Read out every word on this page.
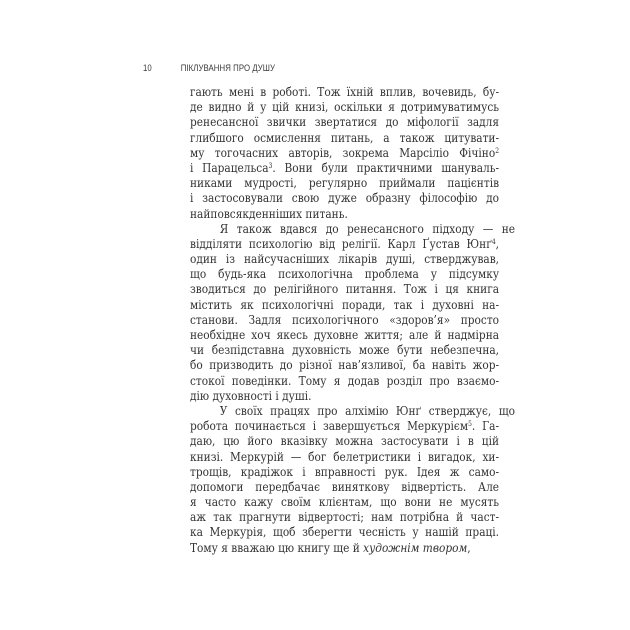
10	ПІКЛУВАННЯ ПРО ДУШУ
гають мені в роботі. Тож їхній вплив, вочевидь, бу-
де видно й у цій книзі, оскільки я дотримуватимусь
ренесансної звички звертатися до міфології задля
глибшого осмислення питань, а також цитувати-
му тогочасних авторів, зокрема Марсіліо Фічіно$^2$
і Парацельса$^3$. Вони були практичними шануваль-
никами мудрості, регулярно приймали пацієнтів
і застосовували свою дуже образну філософію до
найповсякденніших питань.
Я також вдався до ренесансного підходу — не
відділяти психологію від релігії. Карл Ґустав Юнґ$^4$,
один із найсучасніших лікарів душі, стверджував,
що будь-яка психологічна проблема у підсумку
зводиться до релігійного питання. Тож і ця книга
містить як психологічні поради, так і духовні на-
станови. Задля психологічного «здоров’я» просто
необхідне хоч якесь духовне життя; але й надмірна
чи безпідставна духовність може бути небезпечна,
бо призводить до різної нав’язливої, ба навіть жор-
стокої поведінки. Тому я додав розділ про взаємо-
дію духовності і душі.
У своїх працях про алхімію Юнґ стверджує, що
робота починається і завершується Меркурієм$^5$. Га-
даю, цю його вказівку можна застосувати і в цій
книзі. Меркурій — бог белетристики і вигадок, хи-
трощів, крадіжок і вправності рук. Ідея ж само-
допомоги передбачає виняткову відвертість. Але
я часто кажу своїм клієнтам, що вони не мусять
аж так прагнути відвертості; нам потрібна й част-
ка Меркурія, щоб зберегти чесність у нашій праці.
Тому я вважаю цю книгу ще й художнім твором,
